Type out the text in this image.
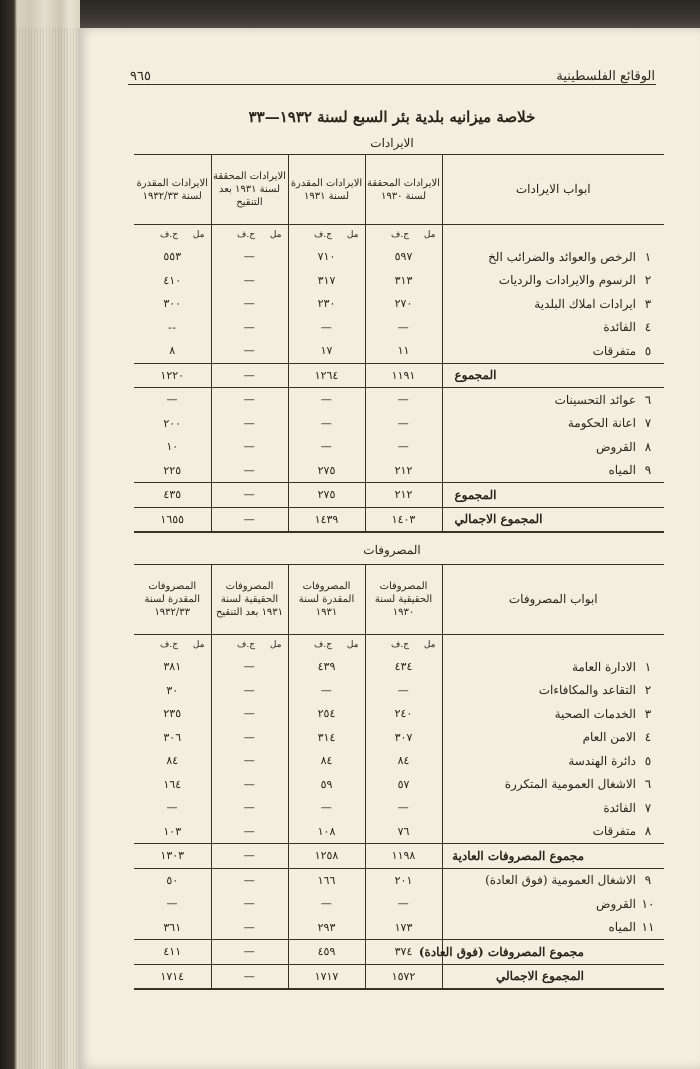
الوقائع الفلسطينية
٩٦٥
خلاصة ميزانيه بلدية بئر السبع لسنة ١٩٣٢—٣٣
الايرادات
ابواب الايرادات	الايرادات المحققة لسنة ١٩٣٠	الايرادات المقدرة لسنة ١٩٣١	الايرادات المحققة لسنة ١٩٣١ بعد التنقيح	الايرادات المقدرة لسنة ١٩٣٢/٣٣
	مل ج.ف	مل ج.ف	مل ج.ف	مل ج.ف
١الرخص والعوائد والضرائب الخ	٥٩٧	٧١٠	—	٥٥٣
٢الرسوم والايرادات والرديات	٣١٣	٣١٧	—	٤١٠
٣ايرادات املاك البلدية	٢٧٠	٢٣٠	—	٣٠٠
٤الفائدة	—	—	—	--
٥متفرقات	١١	١٧	—	٨
المجموع	١١٩١	١٢٦٤	—	١٢٢٠
٦عوائد التحسينات	—	—	—	—
٧اعانة الحكومة	—	—	—	٢٠٠
٨القروض	—	—	—	١٠
٩المياه	٢١٢	٢٧٥	—	٢٢٥
المجموع	٢١٢	٢٧٥	—	٤٣٥
المجموع الاجمالي	١٤٠٣	١٤٣٩	—	١٦٥٥
المصروفات
ابواب المصروفات	المصروفات الحقيقية لسنة ١٩٣٠	المصروفات المقدرة لسنة ١٩٣١	المصروفات الحقيقية لسنة ١٩٣١ بعد التنقيح	المصروفات المقدرة لسنة ١٩٣٢/٣٣
	مل ج.ف	مل ج.ف	مل ج.ف	مل ج.ف
١الادارة العامة	٤٣٤	٤٣٩	—	٣٨١
٢التقاعد والمكافاءات	—	—	—	٣٠
٣الخدمات الصحية	٢٤٠	٢٥٤	—	٢٣٥
٤الامن العام	٣٠٧	٣١٤	—	٣٠٦
٥دائرة الهندسة	٨٤	٨٤	—	٨٤
٦الاشغال العمومية المتكررة	٥٧	٥٩	—	١٦٤
٧الفائدة	—	—	—	—
٨متفرقات	٧٦	١٠٨	—	١٠٣
مجموع المصروفات العادية	١١٩٨	١٢٥٨	—	١٣٠٣
٩الاشغال العمومية (فوق العادة)	٢٠١	١٦٦	—	٥٠
١٠القروض	—	—	—	—
١١المياه	١٧٣	٢٩٣	—	٣٦١
مجموع المصروفات (فوق العادة)	٣٧٤	٤٥٩	—	٤١١
المجموع الاجمالي	١٥٧٢	١٧١٧	—	١٧١٤
